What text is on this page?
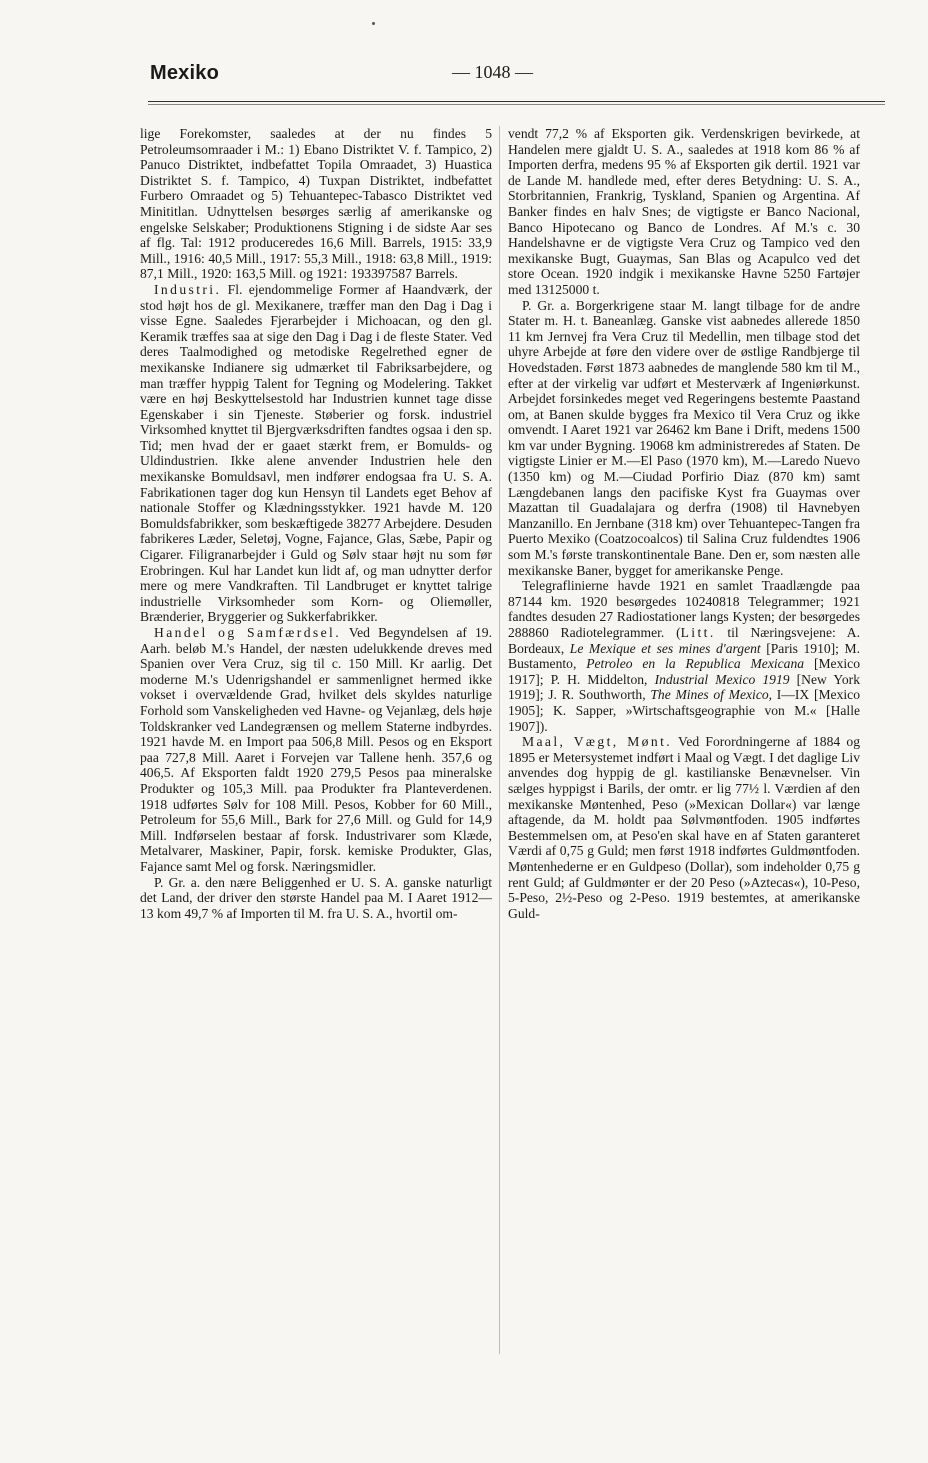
Mexiko	— 1048 —

lige Forekomster, saaledes at der nu findes 5 Petroleumsomraader i M.: 1) Ebano Distriktet V. f. Tampico, 2) Panuco Distriktet, indbefattet Topila Omraadet, 3) Huastica Distriktet S. f. Tampico, 4) Tuxpan Distriktet, indbefattet Furbero Omraadet og 5) Tehuantepec-Tabasco Distriktet ved Minititlan. Udnyttelsen besørges særlig af amerikanske og engelske Selskaber; Produktionens Stigning i de sidste Aar ses af flg. Tal: 1912 produceredes 16,6 Mill. Barrels, 1915: 33,9 Mill., 1916: 40,5 Mill., 1917: 55,3 Mill., 1918: 63,8 Mill., 1919: 87,1 Mill., 1920: 163,5 Mill. og 1921: 193397587 Barrels.

Industri. Fl. ejendommelige Former af Haandværk, der stod højt hos de gl. Mexikanere, træffer man den Dag i Dag i visse Egne. Saaledes Fjerarbejder i Michoacan, og den gl. Keramik træffes saa at sige den Dag i Dag i de fleste Stater. Ved deres Taalmodighed og metodiske Regelrethed egner de mexikanske Indianere sig udmærket til Fabriksarbejdere, og man træffer hyppig Talent for Tegning og Modelering. Takket være en høj Beskyttelsestold har Industrien kunnet tage disse Egenskaber i sin Tjeneste. Støberier og forsk. industriel Virksomhed knyttet til Bjergværksdriften fandtes ogsaa i den sp. Tid; men hvad der er gaaet stærkt frem, er Bomulds- og Uldindustrien. Ikke alene anvender Industrien hele den mexikanske Bomuldsavl, men indfører endogsaa fra U. S. A. Fabrikationen tager dog kun Hensyn til Landets eget Behov af nationale Stoffer og Klædningsstykker. 1921 havde M. 120 Bomuldsfabrikker, som beskæftigede 38277 Arbejdere. Desuden fabrikeres Læder, Seletøj, Vogne, Fajance, Glas, Sæbe, Papir og Cigarer. Filigranarbejder i Guld og Sølv staar højt nu som før Erobringen. Kul har Landet kun lidt af, og man udnytter derfor mere og mere Vandkraften. Til Landbruget er knyttet talrige industrielle Virksomheder som Korn- og Oliemøller, Brænderier, Bryggerier og Sukkerfabrikker.

Handel og Samfærdsel. Ved Begyndelsen af 19. Aarh. beløb M.'s Handel, der næsten udelukkende dreves med Spanien over Vera Cruz, sig til c. 150 Mill. Kr aarlig. Det moderne M.'s Udenrigshandel er sammenlignet hermed ikke vokset i overvældende Grad, hvilket dels skyldes naturlige Forhold som Vanskeligheden ved Havne- og Vejanlæg, dels høje Toldskranker ved Landegrænsen og mellem Staterne indbyrdes. 1921 havde M. en Import paa 506,8 Mill. Pesos og en Eksport paa 727,8 Mill. Aaret i Forvejen var Tallene henh. 357,6 og 406,5. Af Eksporten faldt 1920 279,5 Pesos paa mineralske Produkter og 105,3 Mill. paa Produkter fra Planteverdenen. 1918 udførtes Sølv for 108 Mill. Pesos, Kobber for 60 Mill., Petroleum for 55,6 Mill., Bark for 27,6 Mill. og Guld for 14,9 Mill. Indførselen bestaar af forsk. Industrivarer som Klæde, Metalvarer, Maskiner, Papir, forsk. kemiske Produkter, Glas, Fajance samt Mel og forsk. Næringsmidler.

P. Gr. a. den nære Beliggenhed er U. S. A. ganske naturligt det Land, der driver den største Handel paa M. I Aaret 1912—13 kom 49,7 % af Importen til M. fra U. S. A., hvortil om-

vendt 77,2 % af Eksporten gik. Verdenskrigen bevirkede, at Handelen mere gjaldt U. S. A., saaledes at 1918 kom 86 % af Importen derfra, medens 95 % af Eksporten gik dertil. 1921 var de Lande M. handlede med, efter deres Betydning: U. S. A., Storbritannien, Frankrig, Tyskland, Spanien og Argentina. Af Banker findes en halv Snes; de vigtigste er Banco Nacional, Banco Hipotecano og Banco de Londres. Af M.'s c. 30 Handelshavne er de vigtigste Vera Cruz og Tampico ved den mexikanske Bugt, Guaymas, San Blas og Acapulco ved det store Ocean. 1920 indgik i mexikanske Havne 5250 Fartøjer med 13125000 t.

P. Gr. a. Borgerkrigene staar M. langt tilbage for de andre Stater m. H. t. Baneanlæg. Ganske vist aabnedes allerede 1850 11 km Jernvej fra Vera Cruz til Medellin, men tilbage stod det uhyre Arbejde at føre den videre over de østlige Randbjerge til Hovedstaden. Først 1873 aabnedes de manglende 580 km til M., efter at der virkelig var udført et Mesterværk af Ingeniørkunst. Arbejdet forsinkedes meget ved Regeringens bestemte Paastand om, at Banen skulde bygges fra Mexico til Vera Cruz og ikke omvendt. I Aaret 1921 var 26462 km Bane i Drift, medens 1500 km var under Bygning. 19068 km administreredes af Staten. De vigtigste Linier er M.—El Paso (1970 km), M.—Laredo Nuevo (1350 km) og M.—Ciudad Porfirio Diaz (870 km) samt Længdebanen langs den pacifiske Kyst fra Guaymas over Mazattan til Guadalajara og derfra (1908) til Havnebyen Manzanillo. En Jernbane (318 km) over Tehuantepec-Tangen fra Puerto Mexiko (Coatzocoalcos) til Salina Cruz fuldendtes 1906 som M.'s første transkontinentale Bane. Den er, som næsten alle mexikanske Baner, bygget for amerikanske Penge.

Telegraflinierne havde 1921 en samlet Traadlængde paa 87144 km. 1920 besørgedes 10240818 Telegrammer; 1921 fandtes desuden 27 Radiostationer langs Kysten; der besørgedes 288860 Radiotelegrammer. (Litt. til Næringsvejene: A. Bordeaux, Le Mexique et ses mines d'argent [Paris 1910]; M. Bustamento, Petroleo en la Republica Mexicana [Mexico 1917]; P. H. Middelton, Industrial Mexico 1919 [New York 1919]; J. R. Southworth, The Mines of Mexico, I—IX [Mexico 1905]; K. Sapper, »Wirtschaftsgeographie von M.« [Halle 1907]).

Maal, Vægt, Mønt. Ved Forordningerne af 1884 og 1895 er Metersystemet indført i Maal og Vægt. I det daglige Liv anvendes dog hyppig de gl. kastilianske Benævnelser. Vin sælges hyppigst i Barils, der omtr. er lig 77½ l. Værdien af den mexikanske Møntenhed, Peso (»Mexican Dollar«) var længe aftagende, da M. holdt paa Sølvmøntfoden. 1905 indførtes Bestemmelsen om, at Peso'en skal have en af Staten garanteret Værdi af 0,75 g Guld; men først 1918 indførtes Guldmøntfoden. Møntenhederne er en Guldpeso (Dollar), som indeholder 0,75 g rent Guld; af Guldmønter er der 20 Peso (»Aztecas«), 10-Peso, 5-Peso, 2½-Peso og 2-Peso. 1919 bestemtes, at amerikanske Guld-
